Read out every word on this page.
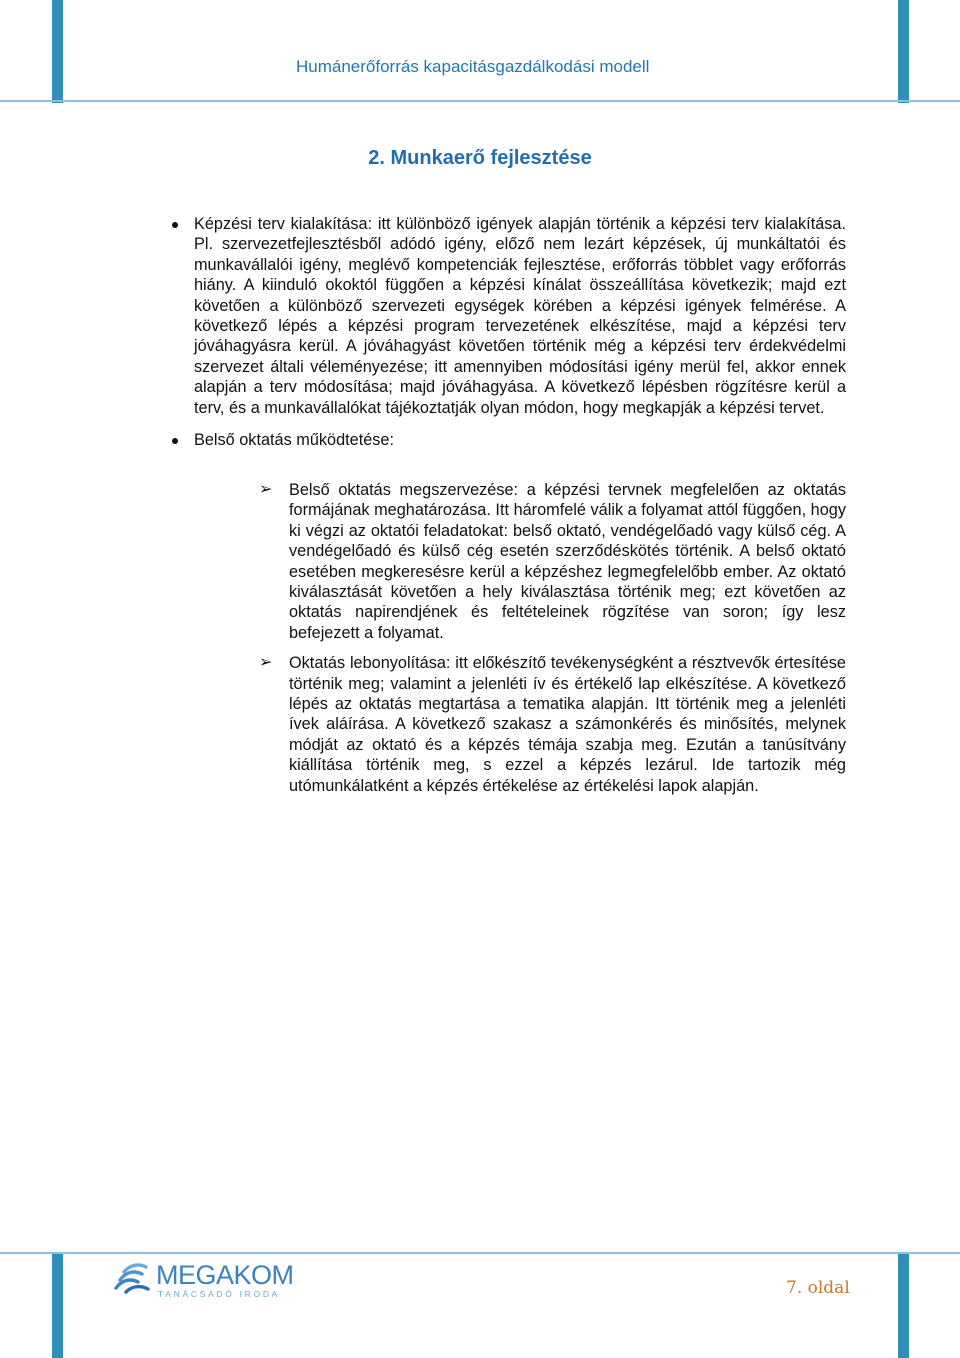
Humánerőforrás kapacitásgazdálkodási modell
2. Munkaerő fejlesztése
Képzési terv kialakítása: itt különböző igények alapján történik a képzési terv kialakítása. Pl. szervezetfejlesztésből adódó igény, előző nem lezárt képzések, új munkáltatói és munkavállalói igény, meglévő kompetenciák fejlesztése, erőforrás többlet vagy erőforrás hiány. A kiinduló okoktól függően a képzési kínálat összeállítása következik; majd ezt követően a különböző szervezeti egységek körében a képzési igények felmérése. A következő lépés a képzési program tervezetének elkészítése, majd a képzési terv jóváhagyásra kerül. A jóváhagyást követően történik még a képzési terv érdekvédelmi szervezet általi véleményezése; itt amennyiben módosítási igény merül fel, akkor ennek alapján a terv módosítása; majd jóváhagyása. A következő lépésben rögzítésre kerül a terv, és a munkavállalókat tájékoztatják olyan módon, hogy megkapják a képzési tervet.
Belső oktatás működtetése:
➢ Belső oktatás megszervezése: a képzési tervnek megfelelően az oktatás formájának meghatározása. Itt háromfelé válik a folyamat attól függően, hogy ki végzi az oktatói feladatokat: belső oktató, vendégelőadó vagy külső cég. A vendégelőadó és külső cég esetén szerződéskötés történik. A belső oktató esetében megkeresésre kerül a képzéshez legmegfelelőbb ember. Az oktató kiválasztását követően a hely kiválasztása történik meg; ezt követően az oktatás napirendjének és feltételeinek rögzítése van soron; így lesz befejezett a folyamat.
➢ Oktatás lebonyolítása: itt előkészítő tevékenységként a résztvevők értesítése történik meg; valamint a jelenléti ív és értékelő lap elkészítése. A következő lépés az oktatás megtartása a tematika alapján. Itt történik meg a jelenléti ívek aláírása. A következő szakasz a számonkérés és minősítés, melynek módját az oktató és a képzés témája szabja meg. Ezután a tanúsítvány kiállítása történik meg, s ezzel a képzés lezárul. Ide tartozik még utómunkálatként a képzés értékelése az értékelési lapok alapján.
MEGAKOM
TANÁCSADÓ IRODA	7. oldal
